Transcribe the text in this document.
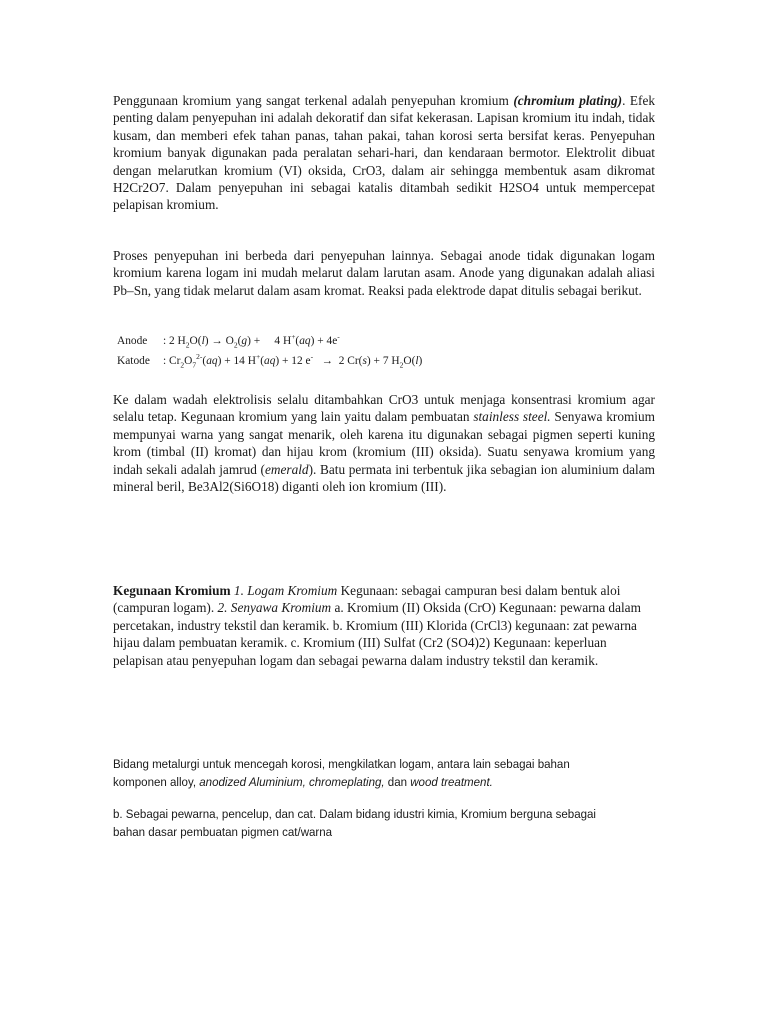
Penggunaan kromium yang sangat terkenal adalah penyepuhan kromium (chromium plating). Efek penting dalam penyepuhan ini adalah dekoratif dan sifat kekerasan. Lapisan kromium itu indah, tidak kusam, dan memberi efek tahan panas, tahan pakai, tahan korosi serta bersifat keras. Penyepuhan kromium banyak digunakan pada peralatan sehari-hari, dan kendaraan bermotor. Elektrolit dibuat dengan melarutkan kromium (VI) oksida, CrO3, dalam air sehingga membentuk asam dikromat H2Cr2O7. Dalam penyepuhan ini sebagai katalis ditambah sedikit H2SO4 untuk mempercepat pelapisan kromium.

Proses penyepuhan ini berbeda dari penyepuhan lainnya. Sebagai anode tidak digunakan logam kromium karena logam ini mudah melarut dalam larutan asam. Anode yang digunakan adalah aliasi Pb–Sn, yang tidak melarut dalam asam kromat. Reaksi pada elektrode dapat ditulis sebagai berikut.

Anode : 2 $H_2O(l) \to O_2(g)$ +     4 H+(aq) + 4e-
Katode : $Cr_2O_7^{2-}(aq) + 14$ H+(aq) + 12 e-   →  2 Cr(s) + 7 $H_2O(l)$

Ke dalam wadah elektrolisis selalu ditambahkan CrO3 untuk menjaga konsentrasi kromium agar selalu tetap. Kegunaan kromium yang lain yaitu dalam pembuatan stainless steel. Senyawa kromium mempunyai warna yang sangat menarik, oleh karena itu digunakan sebagai pigmen seperti kuning krom (timbal (II) kromat) dan hijau krom (kromium (III) oksida). Suatu senyawa kromium yang indah sekali adalah jamrud (emerald). Batu permata ini terbentuk jika sebagian ion aluminium dalam mineral beril, Be3Al2(Si6O18) diganti oleh ion kromium (III).

Kegunaan Kromium 1. Logam Kromium Kegunaan: sebagai campuran besi dalam bentuk aloi (campuran logam). 2. Senyawa Kromium a. Kromium (II) Oksida (CrO) Kegunaan: pewarna dalam percetakan, industry tekstil dan keramik. b. Kromium (III) Klorida (CrCl3) kegunaan: zat pewarna hijau dalam pembuatan keramik. c. Kromium (III) Sulfat (Cr2 (SO4)2) Kegunaan: keperluan pelapisan atau penyepuhan logam dan sebagai pewarna dalam industry tekstil dan keramik.

Bidang metalurgi untuk mencegah korosi, mengkilatkan logam, antara lain sebagai bahan komponen alloy, anodized Aluminium, chromeplating, dan wood treatment.

b. Sebagai pewarna, pencelup, dan cat. Dalam bidang idustri kimia, Kromium berguna sebagai bahan dasar pembuatan pigmen cat/warna
